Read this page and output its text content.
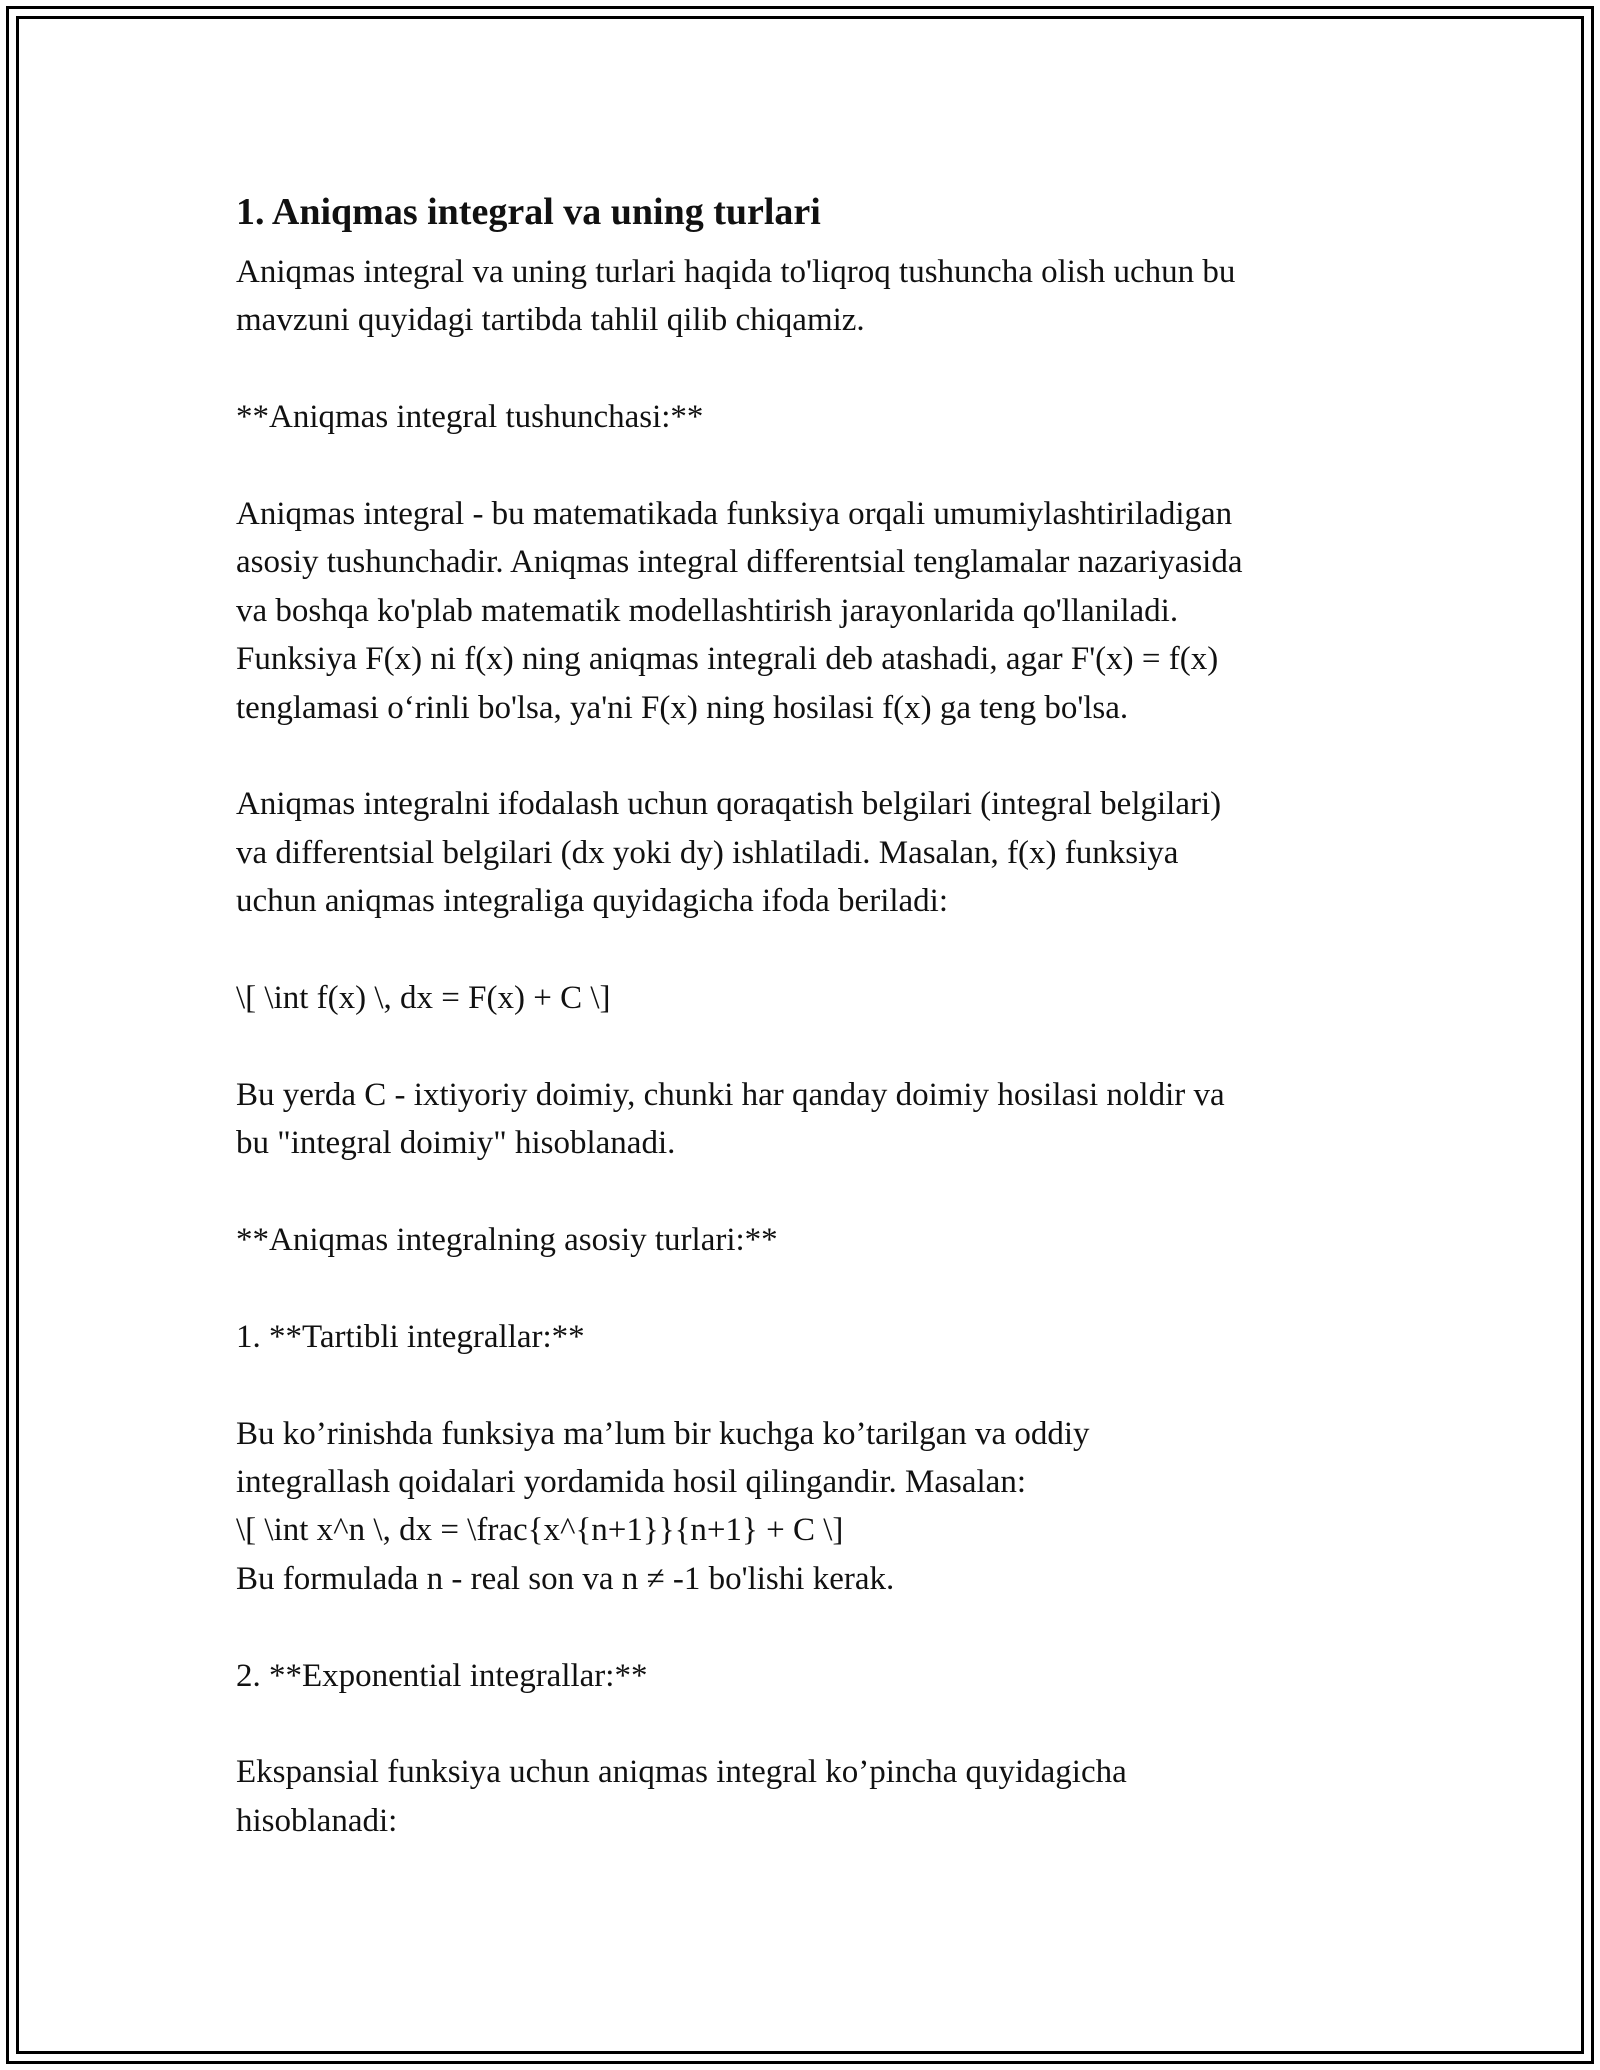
1. Aniqmas integral va uning turlari

Aniqmas integral va uning turlari haqida to'liqroq tushuncha olish uchun bu
mavzuni quyidagi tartibda tahlil qilib chiqamiz.

**Aniqmas integral tushunchasi:**

Aniqmas integral - bu matematikada funksiya orqali umumiylashtiriladigan
asosiy tushunchadir. Aniqmas integral differentsial tenglamalar nazariyasida
va boshqa ko'plab matematik modellashtirish jarayonlarida qo'llaniladi.
Funksiya F(x) ni f(x) ning aniqmas integrali deb atashadi, agar F'(x) = f(x)
tenglamasi o‘rinli bo'lsa, ya'ni F(x) ning hosilasi f(x) ga teng bo'lsa.

Aniqmas integralni ifodalash uchun qoraqatish belgilari (integral belgilari)
va differentsial belgilari (dx yoki dy) ishlatiladi. Masalan, f(x) funksiya
uchun aniqmas integraliga quyidagicha ifoda beriladi:

\[ \int f(x) \, dx = F(x) + C \]

Bu yerda C - ixtiyoriy doimiy, chunki har qanday doimiy hosilasi noldir va
bu "integral doimiy" hisoblanadi.

**Aniqmas integralning asosiy turlari:**

1. **Tartibli integrallar:**

Bu ko’rinishda funksiya ma’lum bir kuchga ko’tarilgan va oddiy
integrallash qoidalari yordamida hosil qilingandir. Masalan:
\[ \int x^n \, dx = \frac{x^{n+1}}{n+1} + C \]
Bu formulada n - real son va n ≠ -1 bo'lishi kerak.

2. **Exponential integrallar:**

Ekspansial funksiya uchun aniqmas integral ko’pincha quyidagicha
hisoblanadi:
